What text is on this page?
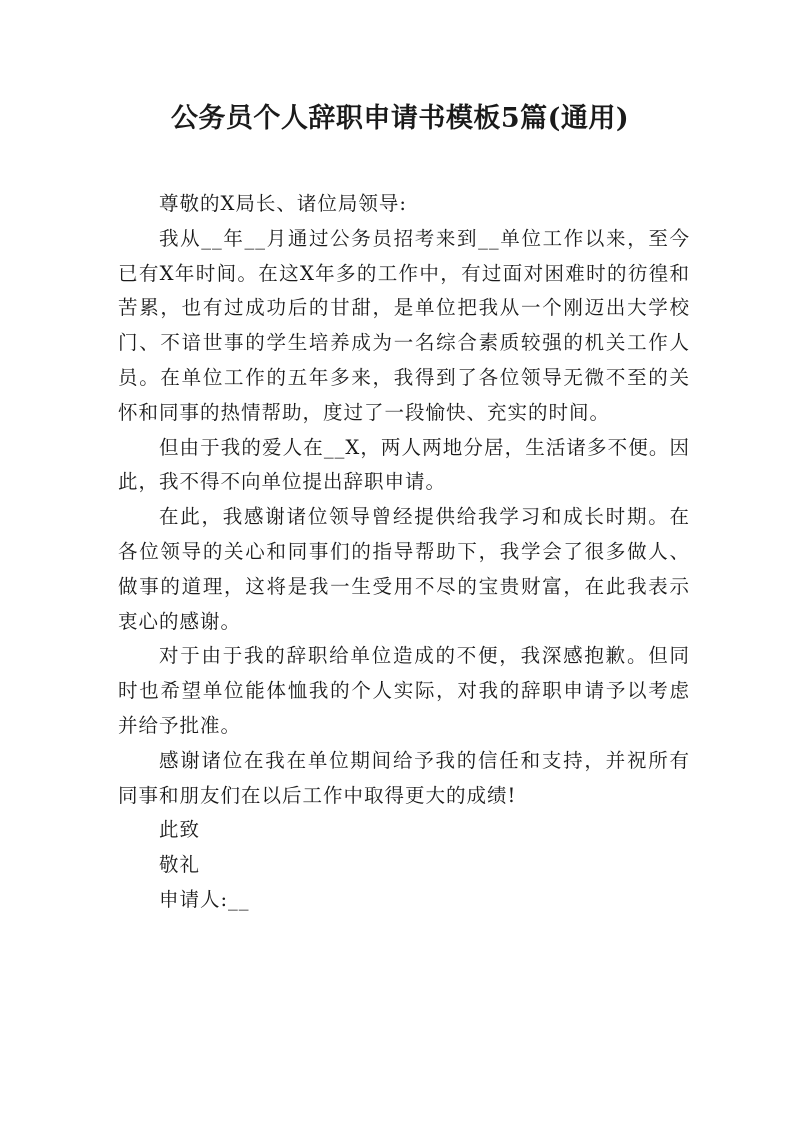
公务员个人辞职申请书模板5篇(通用)

尊敬的X局长、诸位局领导:

我从__年__月通过公务员招考来到__单位工作以来，至今已有X年时间。在这X年多的工作中，有过面对困难时的彷徨和苦累，也有过成功后的甘甜，是单位把我从一个刚迈出大学校门、不谙世事的学生培养成为一名综合素质较强的机关工作人员。在单位工作的五年多来，我得到了各位领导无微不至的关怀和同事的热情帮助，度过了一段愉快、充实的时间。

但由于我的爱人在__X，两人两地分居，生活诸多不便。因此，我不得不向单位提出辞职申请。

在此，我感谢诸位领导曾经提供给我学习和成长时期。在各位领导的关心和同事们的指导帮助下，我学会了很多做人、做事的道理，这将是我一生受用不尽的宝贵财富，在此我表示衷心的感谢。

对于由于我的辞职给单位造成的不便，我深感抱歉。但同时也希望单位能体恤我的个人实际，对我的辞职申请予以考虑并给予批准。

感谢诸位在我在单位期间给予我的信任和支持，并祝所有同事和朋友们在以后工作中取得更大的成绩!

此致

敬礼

申请人:__
